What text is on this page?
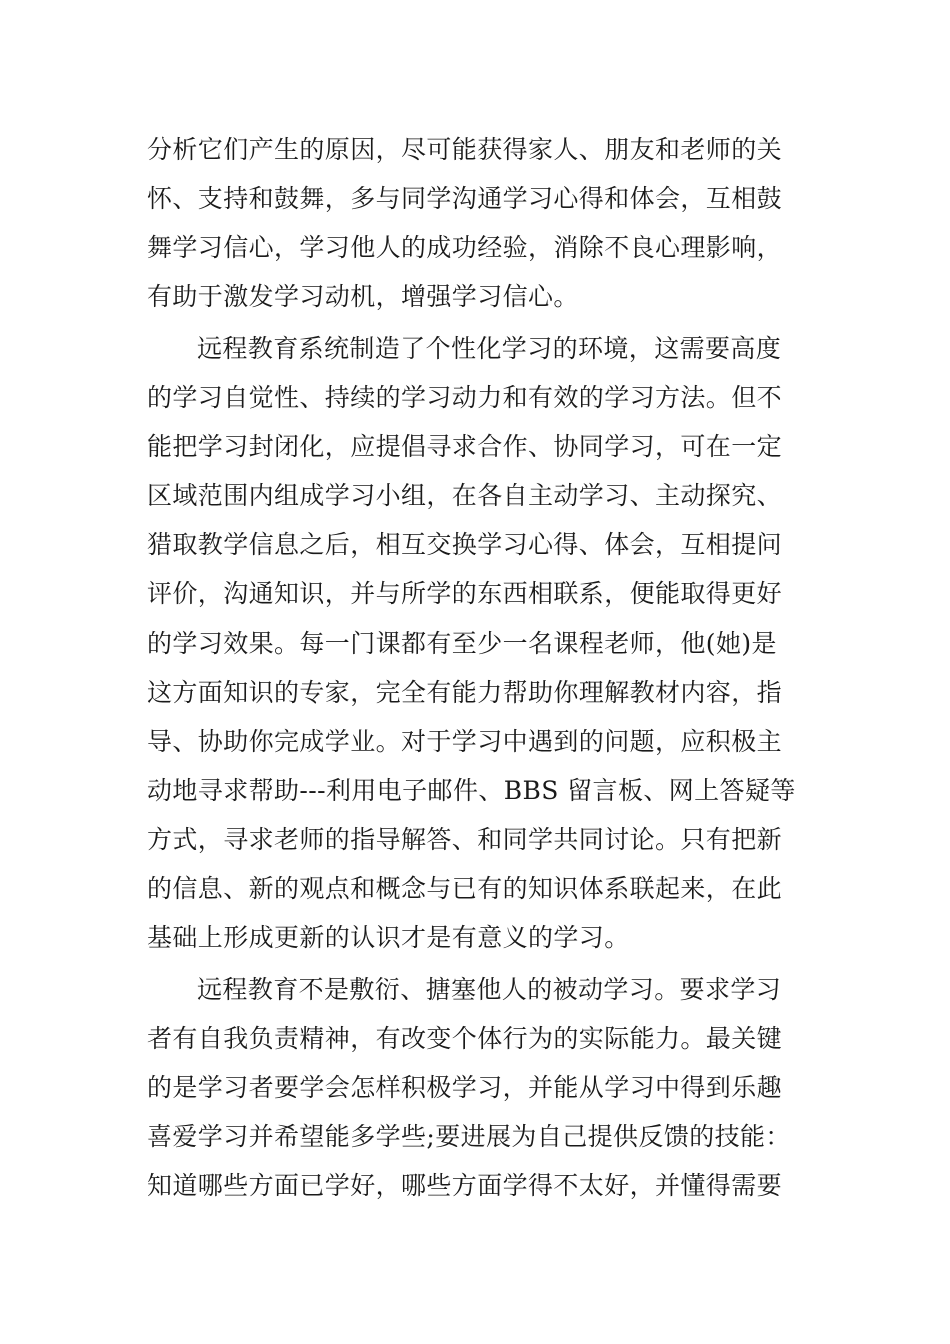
分析它们产生的原因，尽可能获得家人、朋友和老师的关
怀、支持和鼓舞，多与同学沟通学习心得和体会，互相鼓
舞学习信心，学习他人的成功经验，消除不良心理影响，
有助于激发学习动机，增强学习信心。
远程教育系统制造了个性化学习的环境，这需要高度
的学习自觉性、持续的学习动力和有效的学习方法。但不
能把学习封闭化，应提倡寻求合作、协同学习，可在一定
区域范围内组成学习小组，在各自主动学习、主动探究、
猎取教学信息之后，相互交换学习心得、体会，互相提问
评价，沟通知识，并与所学的东西相联系，便能取得更好
的学习效果。每一门课都有至少一名课程老师，他(她)是
这方面知识的专家，完全有能力帮助你理解教材内容，指
导、协助你完成学业。对于学习中遇到的问题，应积极主
动地寻求帮助---利用电子邮件、BBS 留言板、网上答疑等
方式，寻求老师的指导解答、和同学共同讨论。只有把新
的信息、新的观点和概念与已有的知识体系联起来，在此
基础上形成更新的认识才是有意义的学习。
远程教育不是敷衍、搪塞他人的被动学习。要求学习
者有自我负责精神，有改变个体行为的实际能力。最关键
的是学习者要学会怎样积极学习，并能从学习中得到乐趣
喜爱学习并希望能多学些;要进展为自己提供反馈的技能：
知道哪些方面已学好，哪些方面学得不太好，并懂得需要
